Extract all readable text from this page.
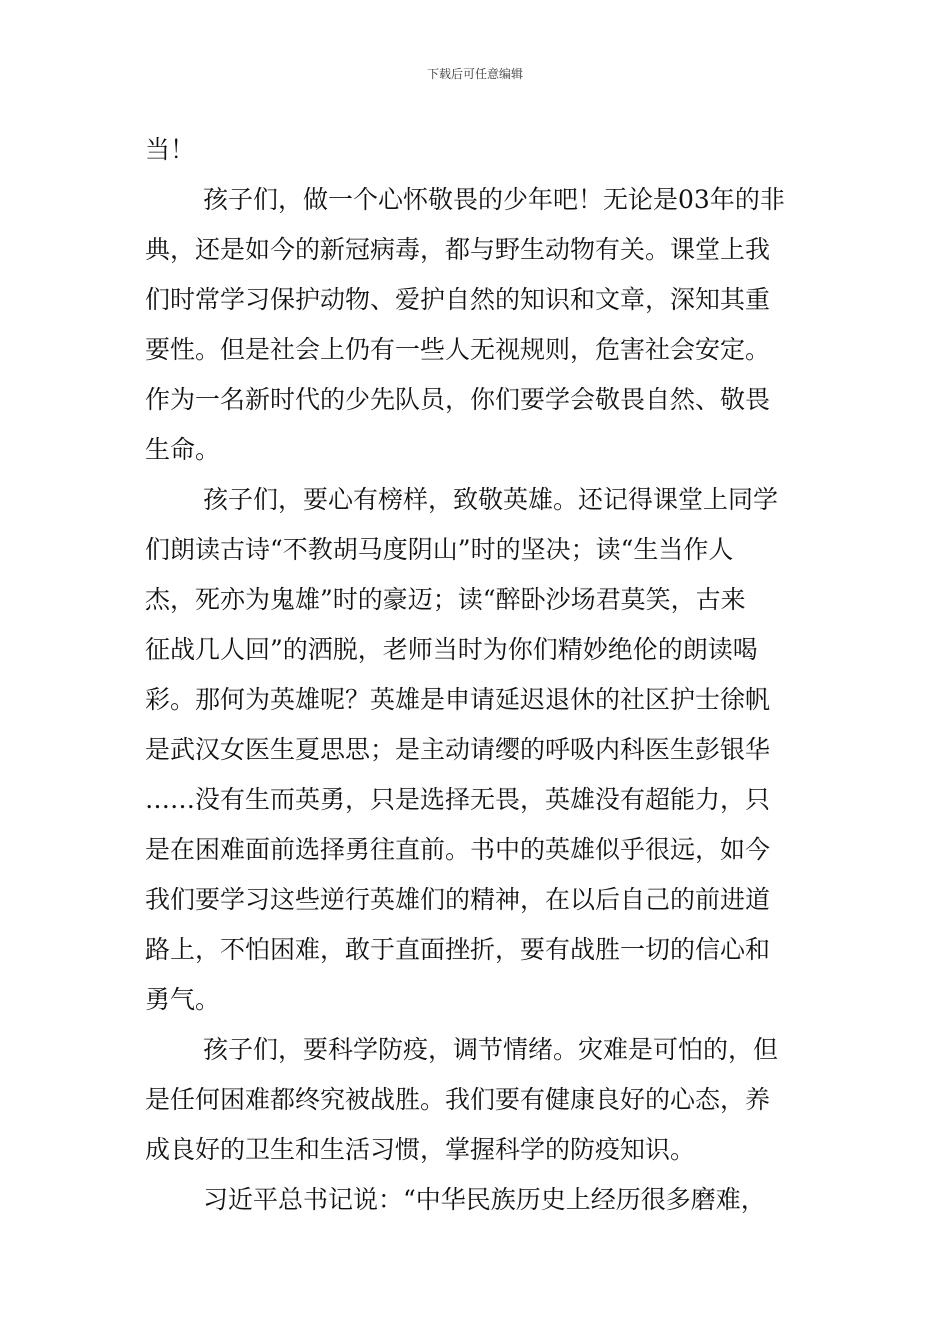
下载后可任意编辑
当！
孩子们，做一个心怀敬畏的少年吧！无论是03年的非
典，还是如今的新冠病毒，都与野生动物有关。课堂上我
们时常学习保护动物、爱护自然的知识和文章，深知其重
要性。但是社会上仍有一些人无视规则，危害社会安定。
作为一名新时代的少先队员，你们要学会敬畏自然、敬畏
生命。
孩子们，要心有榜样，致敬英雄。还记得课堂上同学
们朗读古诗“不教胡马度阴山”时的坚决；读“生当作人
杰，死亦为鬼雄”时的豪迈；读“醉卧沙场君莫笑，古来
征战几人回”的洒脱，老师当时为你们精妙绝伦的朗读喝
彩。那何为英雄呢？英雄是申请延迟退休的社区护士徐帆
是武汉女医生夏思思；是主动请缨的呼吸内科医生彭银华
……没有生而英勇，只是选择无畏，英雄没有超能力，只
是在困难面前选择勇往直前。书中的英雄似乎很远，如今
我们要学习这些逆行英雄们的精神，在以后自己的前进道
路上，不怕困难，敢于直面挫折，要有战胜一切的信心和
勇气。
孩子们，要科学防疫，调节情绪。灾难是可怕的，但
是任何困难都终究被战胜。我们要有健康良好的心态，养
成良好的卫生和生活习惯，掌握科学的防疫知识。
习近平总书记说：“中华民族历史上经历很多磨难，
